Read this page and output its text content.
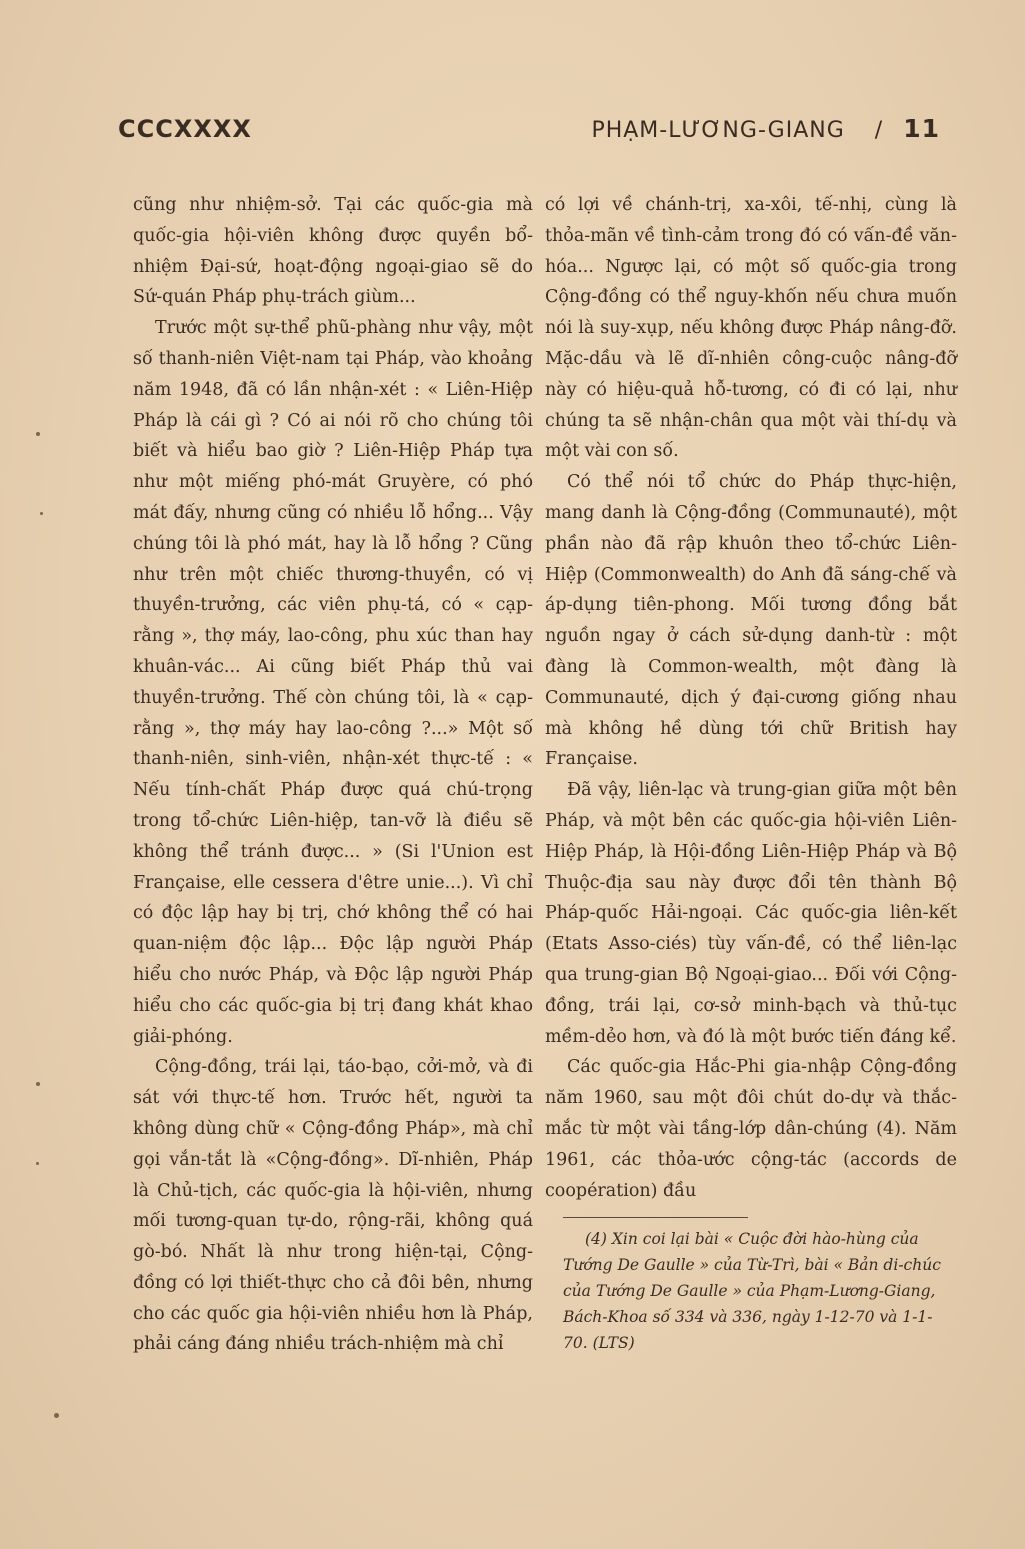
CCCXXXX	PHẠM-LƯƠNG-GIANG / 11

cũng như nhiệm-sở. Tại các quốc-gia mà quốc-gia hội-viên không được quyền bổ-nhiệm Đại-sứ, hoạt-động ngoại-giao sẽ do Sứ-quán Pháp phụ-trách giùm...

Trước một sự-thể phũ-phàng như vậy, một số thanh-niên Việt-nam tại Pháp, vào khoảng năm 1948, đã có lần nhận-xét : « Liên-Hiệp Pháp là cái gì ? Có ai nói rõ cho chúng tôi biết và hiểu bao giờ ? Liên-Hiệp Pháp tựa như một miếng phó-mát Gruyère, có phó mát đấy, nhưng cũng có nhiều lỗ hổng... Vậy chúng tôi là phó mát, hay là lỗ hổng ? Cũng như trên một chiếc thương-thuyền, có vị thuyền-trưởng, các viên phụ-tá, có « cạp-rằng », thợ máy, lao-công, phu xúc than hay khuân-vác... Ai cũng biết Pháp thủ vai thuyền-trưởng. Thế còn chúng tôi, là « cạp-rằng », thợ máy hay lao-công ?...» Một số thanh-niên, sinh-viên, nhận-xét thực-tế : « Nếu tính-chất Pháp được quá chú-trọng trong tổ-chức Liên-hiệp, tan-vỡ là điều sẽ không thể tránh được... » (Si l'Union est Française, elle cessera d'être unie...). Vì chỉ có độc lập hay bị trị, chớ không thể có hai quan-niệm độc lập... Độc lập người Pháp hiểu cho nước Pháp, và Độc lập người Pháp hiểu cho các quốc-gia bị trị đang khát khao giải-phóng.

Cộng-đồng, trái lại, táo-bạo, cởi-mở, và đi sát với thực-tế hơn. Trước hết, người ta không dùng chữ « Cộng-đồng Pháp», mà chỉ gọi vắn-tắt là «Cộng-đồng». Dĩ-nhiên, Pháp là Chủ-tịch, các quốc-gia là hội-viên, nhưng mối tương-quan tự-do, rộng-rãi, không quá gò-bó. Nhất là như trong hiện-tại, Cộng-đồng có lợi thiết-thực cho cả đôi bên, nhưng cho các quốc gia hội-viên nhiều hơn là Pháp, phải cáng đáng nhiều trách-nhiệm mà chỉ

có lợi về chánh-trị, xa-xôi, tế-nhị, cùng là thỏa-mãn về tình-cảm trong đó có vấn-đề văn-hóa... Ngược lại, có một số quốc-gia trong Cộng-đồng có thể nguy-khốn nếu chưa muốn nói là suy-xụp, nếu không được Pháp nâng-đỡ. Mặc-dầu và lẽ dĩ-nhiên công-cuộc nâng-đỡ này có hiệu-quả hỗ-tương, có đi có lại, như chúng ta sẽ nhận-chân qua một vài thí-dụ và một vài con số.

Có thể nói tổ chức do Pháp thực-hiện, mang danh là Cộng-đồng (Communauté), một phần nào đã rập khuôn theo tổ-chức Liên-Hiệp (Commonwealth) do Anh đã sáng-chế và áp-dụng tiên-phong. Mối tương đồng bắt nguồn ngay ở cách sử-dụng danh-từ : một đàng là Common-wealth, một đàng là Communauté, dịch ý đại-cương giống nhau mà không hề dùng tới chữ British hay Française.

Đã vậy, liên-lạc và trung-gian giữa một bên Pháp, và một bên các quốc-gia hội-viên Liên-Hiệp Pháp, là Hội-đồng Liên-Hiệp Pháp và Bộ Thuộc-địa sau này được đổi tên thành Bộ Pháp-quốc Hải-ngoại. Các quốc-gia liên-kết (Etats Asso-ciés) tùy vấn-đề, có thể liên-lạc qua trung-gian Bộ Ngoại-giao... Đối với Cộng-đồng, trái lại, cơ-sở minh-bạch và thủ-tục mềm-dẻo hơn, và đó là một bước tiến đáng kể.

Các quốc-gia Hắc-Phi gia-nhập Cộng-đồng năm 1960, sau một đôi chút do-dự và thắc-mắc từ một vài tầng-lớp dân-chúng (4). Năm 1961, các thỏa-ước cộng-tác (accords de coopération) đầu

(4) Xin coi lại bài « Cuộc đời hào-hùng của Tướng De Gaulle » của Từ-Trì, bài « Bản di-chúc của Tướng De Gaulle » của Phạm-Lương-Giang, Bách-Khoa số 334 và 336, ngày 1-12-70 và 1-1-70. (LTS)
